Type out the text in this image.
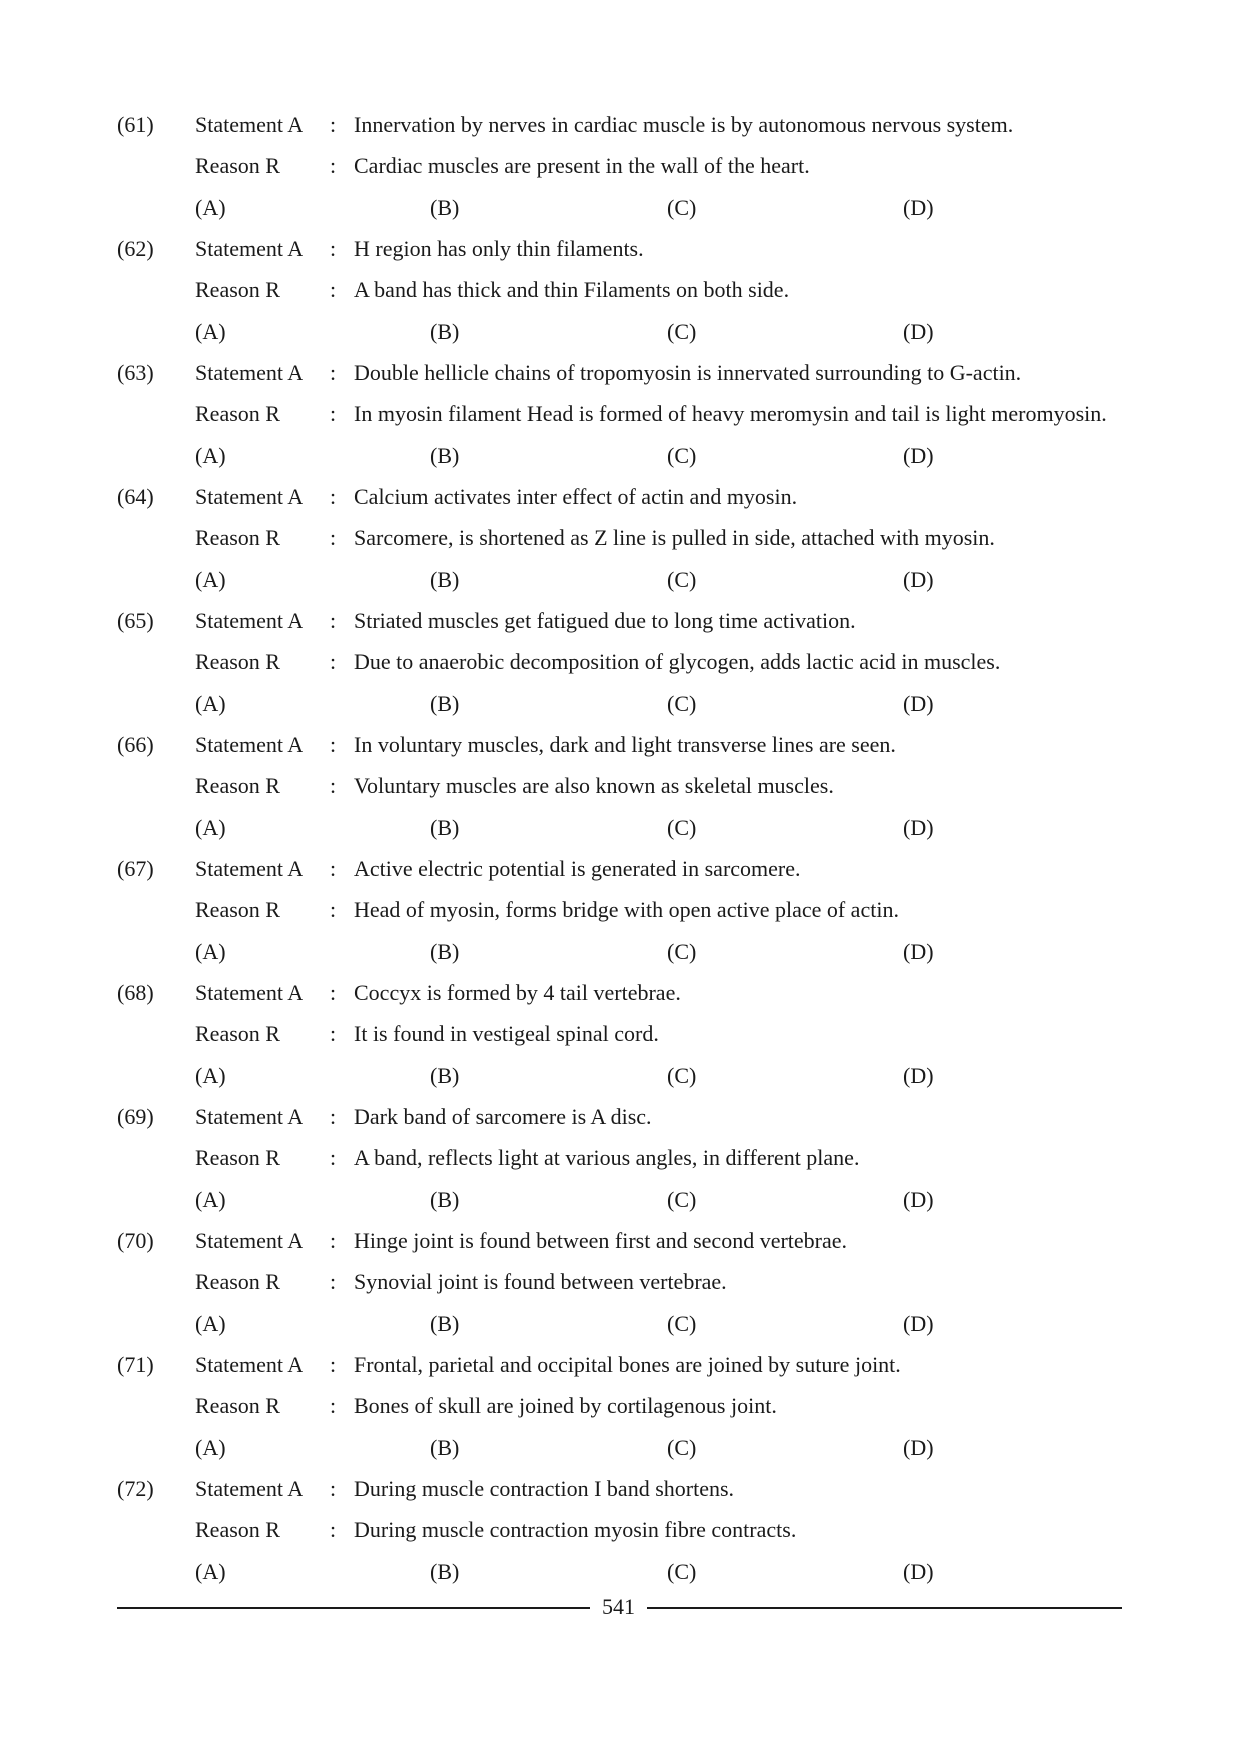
(61) Statement A : Innervation by nerves in cardiac muscle is by autonomous nervous system.
Reason R : Cardiac muscles are present in the wall of the heart.
(A)	(B)	(C)	(D)
(62) Statement A : H region has only thin filaments.
Reason R : A band has thick and thin Filaments on both side.
(A)	(B)	(C)	(D)
(63) Statement A : Double hellicle chains of tropomyosin is innervated surrounding to G-actin.
Reason R : In myosin filament Head is formed of heavy meromysin and tail is light meromyosin.
(A)	(B)	(C)	(D)
(64) Statement A : Calcium activates inter effect of actin and myosin.
Reason R : Sarcomere, is shortened as Z line is pulled in side, attached with myosin.
(A)	(B)	(C)	(D)
(65) Statement A : Striated muscles get fatigued due to long time activation.
Reason R : Due to anaerobic decomposition of glycogen, adds lactic acid in muscles.
(A)	(B)	(C)	(D)
(66) Statement A : In voluntary muscles, dark and light transverse lines are seen.
Reason R : Voluntary muscles are also known as skeletal muscles.
(A)	(B)	(C)	(D)
(67) Statement A : Active electric potential is generated in sarcomere.
Reason R : Head of myosin, forms bridge with open active place of actin.
(A)	(B)	(C)	(D)
(68) Statement A : Coccyx is formed by 4 tail vertebrae.
Reason R : It is found in vestigeal spinal cord.
(A)	(B)	(C)	(D)
(69) Statement A : Dark band of sarcomere is A disc.
Reason R : A band, reflects light at various angles, in different plane.
(A)	(B)	(C)	(D)
(70) Statement A : Hinge joint is found between first and second vertebrae.
Reason R : Synovial joint is found between vertebrae.
(A)	(B)	(C)	(D)
(71) Statement A : Frontal, parietal and occipital bones are joined by suture joint.
Reason R : Bones of skull are joined by cortilagenous joint.
(A)	(B)	(C)	(D)
(72) Statement A : During muscle contraction I band shortens.
Reason R : During muscle contraction myosin fibre contracts.
(A)	(B)	(C)	(D)
541
